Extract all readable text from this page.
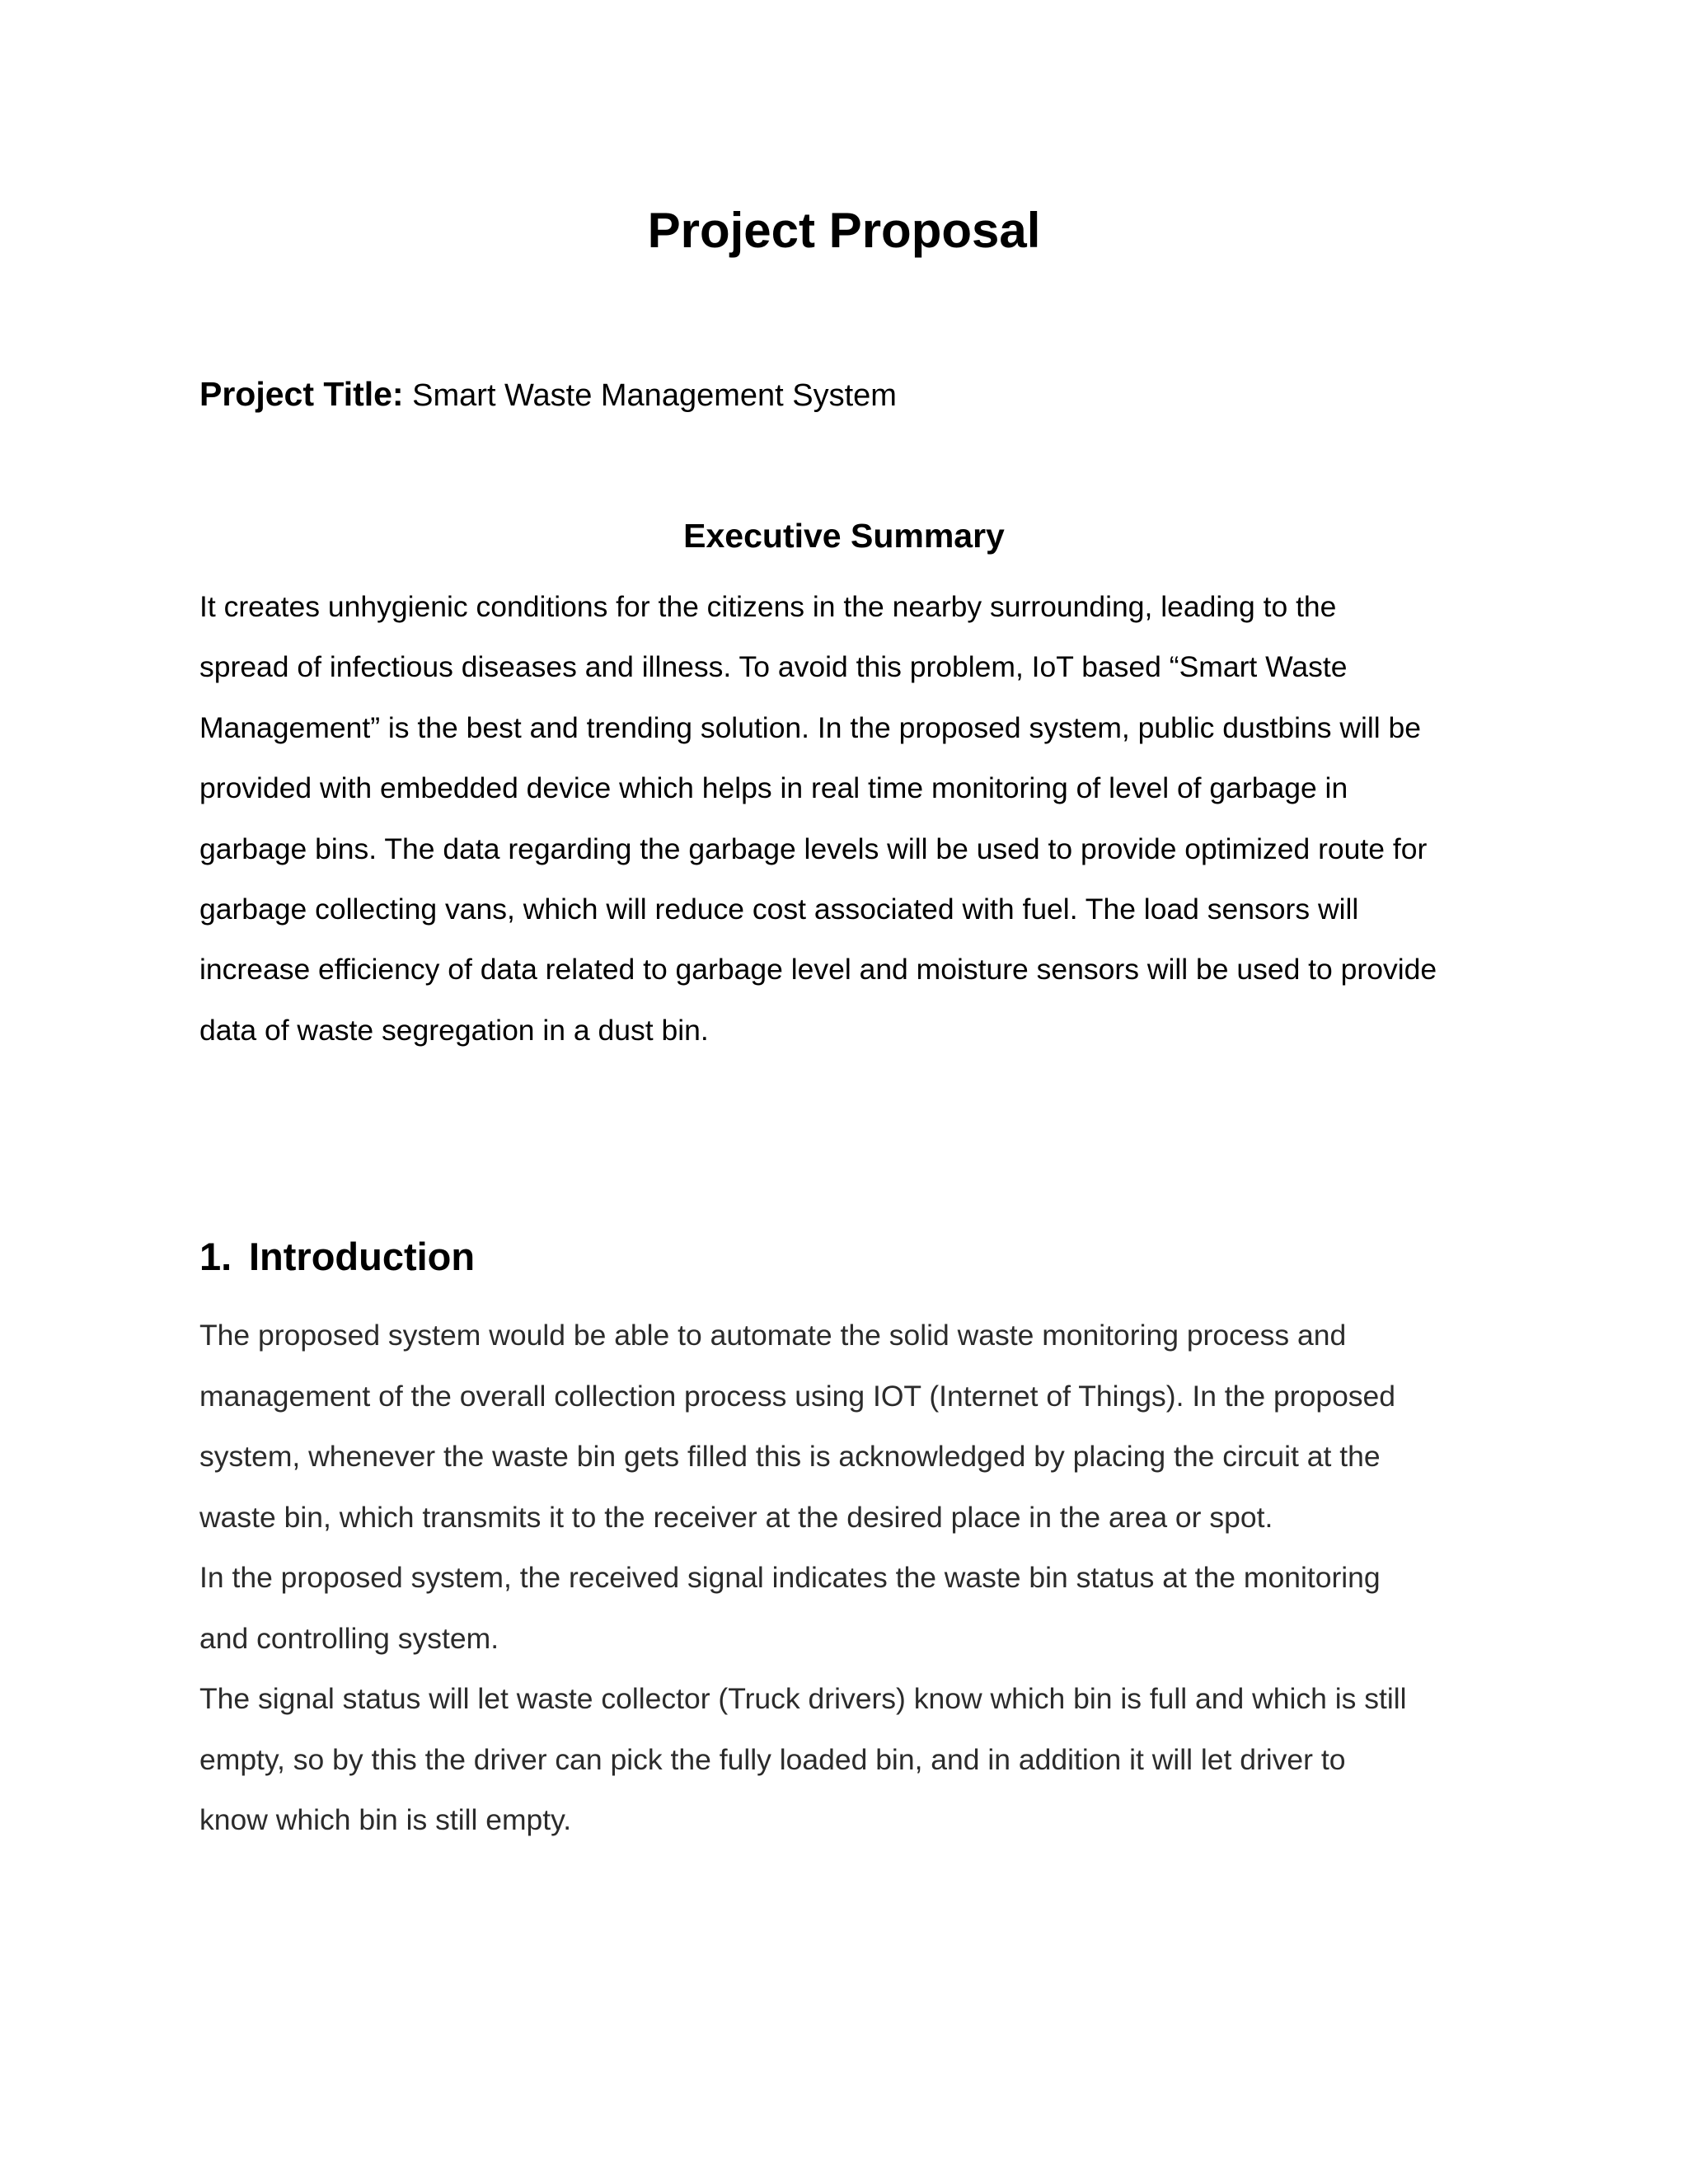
Project Proposal

Project Title: Smart Waste Management System

Executive Summary

It creates unhygienic conditions for the citizens in the nearby surrounding, leading to the
spread of infectious diseases and illness. To avoid this problem, IoT based “Smart Waste
Management” is the best and trending solution. In the proposed system, public dustbins will be
provided with embedded device which helps in real time monitoring of level of garbage in
garbage bins. The data regarding the garbage levels will be used to provide optimized route for
garbage collecting vans, which will reduce cost associated with fuel. The load sensors will
increase efficiency of data related to garbage level and moisture sensors will be used to provide
data of waste segregation in a dust bin.

1. Introduction

The proposed system would be able to automate the solid waste monitoring process and
management of the overall collection process using IOT (Internet of Things). In the proposed
system, whenever the waste bin gets filled this is acknowledged by placing the circuit at the
waste bin, which transmits it to the receiver at the desired place in the area or spot.
In the proposed system, the received signal indicates the waste bin status at the monitoring
and controlling system.
The signal status will let waste collector (Truck drivers) know which bin is full and which is still
empty, so by this the driver can pick the fully loaded bin, and in addition it will let driver to
know which bin is still empty.
